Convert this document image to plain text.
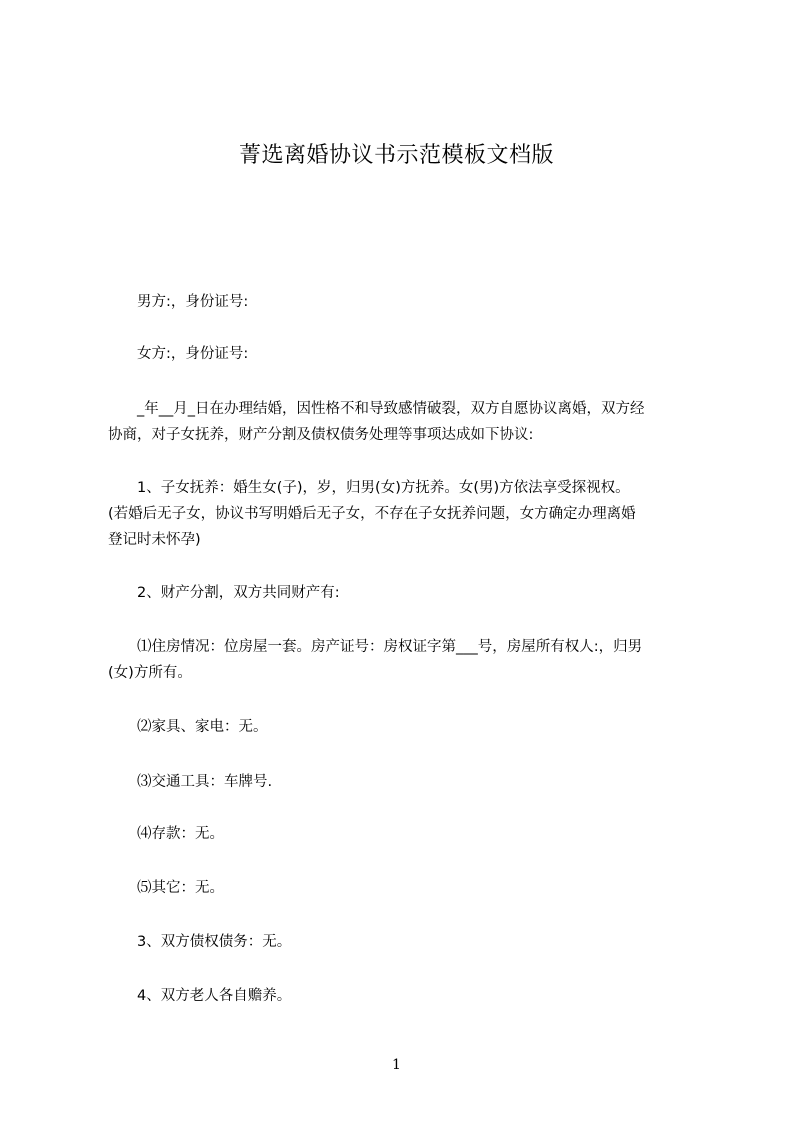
菁选离婚协议书示范模板文档版

男方:，身份证号:

女方:，身份证号:

_年__月_日在办理结婚，因性格不和导致感情破裂，双方自愿协议离婚，双方经
协商，对子女抚养，财产分割及债权债务处理等事项达成如下协议:

1、子女抚养：婚生女(子)，岁，归男(女)方抚养。女(男)方依法享受探视权。
(若婚后无子女，协议书写明婚后无子女，不存在子女抚养问题，女方确定办理离婚
登记时未怀孕)

2、财产分割，双方共同财产有:

⑴住房情况：位房屋一套。房产证号：房权证字第___号，房屋所有权人:，归男
(女)方所有。

⑵家具、家电：无。

⑶交通工具：车牌号.

⑷存款：无。

⑸其它：无。

3、双方债权债务：无。

4、双方老人各自赡养。

1
